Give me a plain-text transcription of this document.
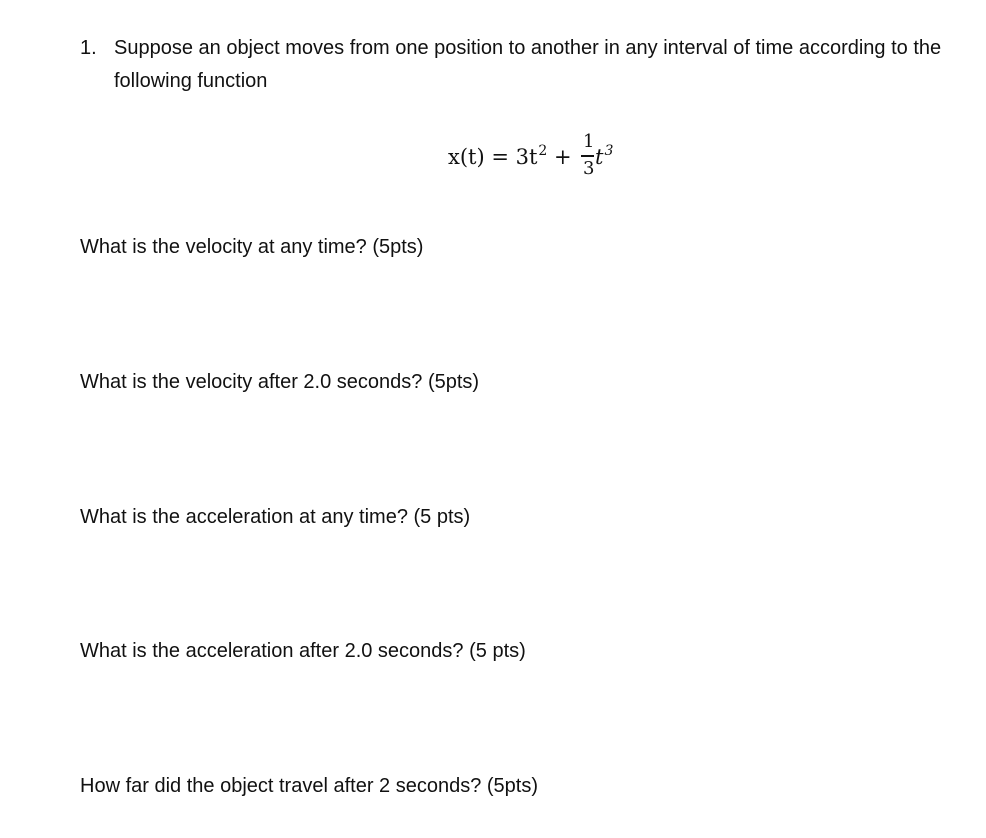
1. Suppose an object moves from one position to another in any interval of time according to the following function
$x(t) = 3t^2$ +
1
3 $t^3$
What is the velocity at any time? (5pts)
What is the velocity after 2.0 seconds? (5pts)
What is the acceleration at any time? (5 pts)
What is the acceleration after 2.0 seconds? (5 pts)
How far did the object travel after 2 seconds? (5pts)
